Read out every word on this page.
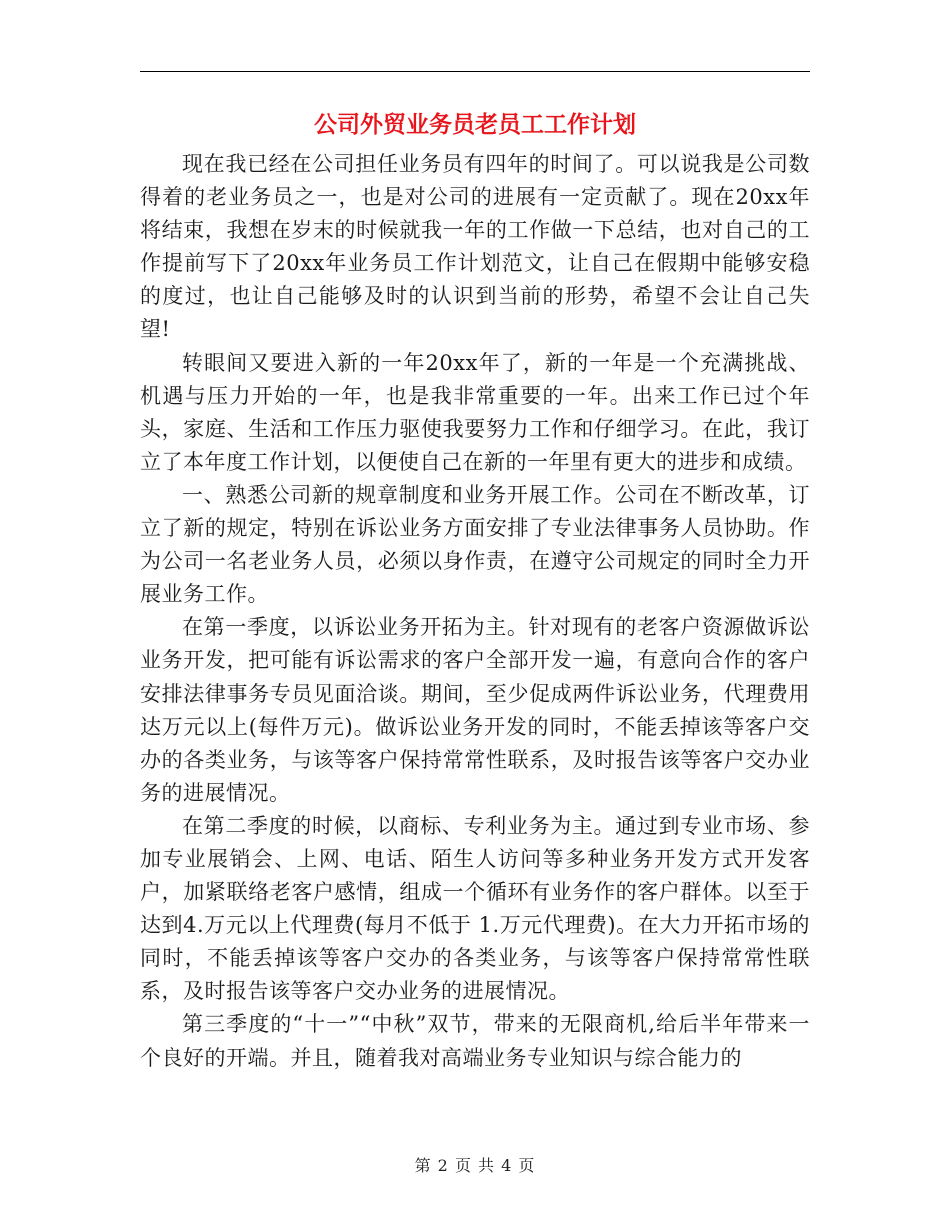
公司外贸业务员老员工工作计划

现在我已经在公司担任业务员有四年的时间了。可以说我是公司数得着的老业务员之一，也是对公司的进展有一定贡献了。现在20xx年将结束，我想在岁末的时候就我一年的工作做一下总结，也对自己的工作提前写下了20xx年业务员工作计划范文，让自己在假期中能够安稳的度过，也让自己能够及时的认识到当前的形势，希望不会让自己失望!

转眼间又要进入新的一年20xx年了，新的一年是一个充满挑战、机遇与压力开始的一年，也是我非常重要的一年。出来工作已过个年头，家庭、生活和工作压力驱使我要努力工作和仔细学习。在此，我订立了本年度工作计划，以便使自己在新的一年里有更大的进步和成绩。

一、熟悉公司新的规章制度和业务开展工作。公司在不断改革，订立了新的规定，特别在诉讼业务方面安排了专业法律事务人员协助。作为公司一名老业务人员，必须以身作责，在遵守公司规定的同时全力开展业务工作。

在第一季度，以诉讼业务开拓为主。针对现有的老客户资源做诉讼业务开发，把可能有诉讼需求的客户全部开发一遍，有意向合作的客户安排法律事务专员见面洽谈。期间，至少促成两件诉讼业务，代理费用达万元以上(每件万元)。做诉讼业务开发的同时，不能丢掉该等客户交办的各类业务，与该等客户保持常常性联系，及时报告该等客户交办业务的进展情况。

在第二季度的时候，以商标、专利业务为主。通过到专业市场、参加专业展销会、上网、电话、陌生人访问等多种业务开发方式开发客户，加紧联络老客户感情，组成一个循环有业务作的客户群体。以至于达到4.万元以上代理费(每月不低于 1.万元代理费)。在大力开拓市场的同时，不能丢掉该等客户交办的各类业务，与该等客户保持常常性联系，及时报告该等客户交办业务的进展情况。

第三季度的“十一”“中秋”双节，带来的无限商机,给后半年带来一个良好的开端。并且，随着我对高端业务专业知识与综合能力的

第 2 页 共 4 页
